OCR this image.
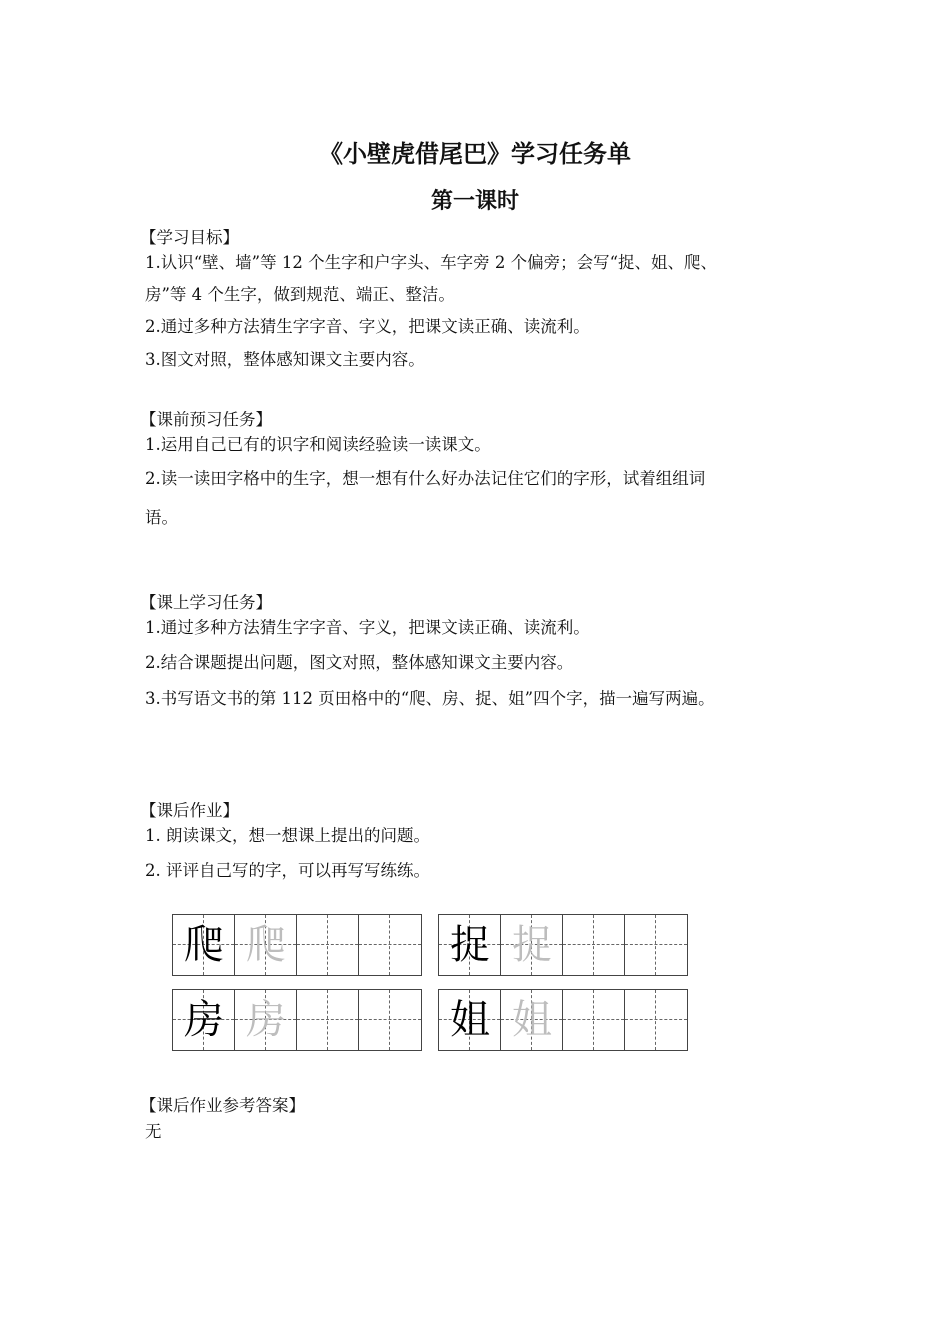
《小壁虎借尾巴》学习任务单
第一课时
【学习目标】
1.认识“壁、墙”等 12 个生字和户字头、车字旁 2 个偏旁；会写“捉、姐、爬、
房”等 4 个生字，做到规范、端正、整洁。
2.通过多种方法猜生字字音、字义，把课文读正确、读流利。
3.图文对照，整体感知课文主要内容。
【课前预习任务】
1.运用自己已有的识字和阅读经验读一读课文。
2.读一读田字格中的生字，想一想有什么好办法记住它们的字形，试着组组词
语。
【课上学习任务】
1.通过多种方法猜生字字音、字义，把课文读正确、读流利。
2.结合课题提出问题，图文对照，整体感知课文主要内容。
3.书写语文书的第 112 页田格中的“爬、房、捉、姐”四个字，描一遍写两遍。
【课后作业】
1. 朗读课文，想一想课上提出的问题。
2. 评评自己写的字，可以再写写练练。
爬 爬	捉 捉
房 房	姐 姐
【课后作业参考答案】
无
